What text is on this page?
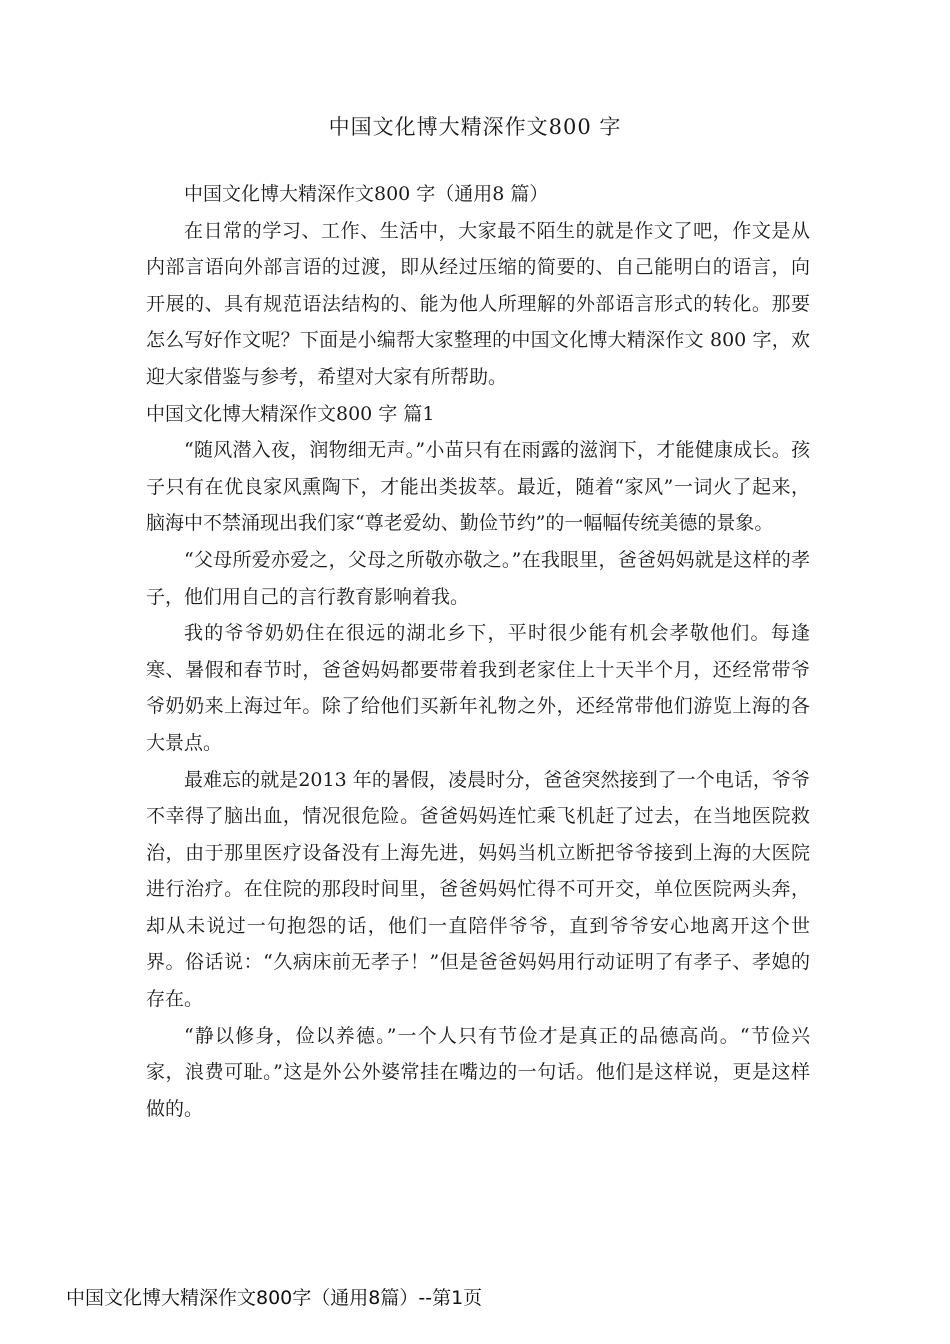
中国文化博大精深作文800 字

中国文化博大精深作文800 字（通用8 篇）

在日常的学习、工作、生活中，大家最不陌生的就是作文了吧，作文是从内部言语向外部言语的过渡，即从经过压缩的简要的、自己能明白的语言，向开展的、具有规范语法结构的、能为他人所理解的外部语言形式的转化。那要怎么写好作文呢？下面是小编帮大家整理的中国文化博大精深作文 800 字，欢迎大家借鉴与参考，希望对大家有所帮助。

中国文化博大精深作文800 字 篇1

“随风潜入夜，润物细无声。”小苗只有在雨露的滋润下，才能健康成长。孩子只有在优良家风熏陶下，才能出类拔萃。最近，随着“家风”一词火了起来，脑海中不禁涌现出我们家“尊老爱幼、勤俭节约”的一幅幅传统美德的景象。

“父母所爱亦爱之，父母之所敬亦敬之。”在我眼里，爸爸妈妈就是这样的孝子，他们用自己的言行教育影响着我。

我的爷爷奶奶住在很远的湖北乡下，平时很少能有机会孝敬他们。每逢寒、暑假和春节时，爸爸妈妈都要带着我到老家住上十天半个月，还经常带爷爷奶奶来上海过年。除了给他们买新年礼物之外，还经常带他们游览上海的各大景点。

最难忘的就是2013 年的暑假，凌晨时分，爸爸突然接到了一个电话，爷爷不幸得了脑出血，情况很危险。爸爸妈妈连忙乘飞机赶了过去，在当地医院救治，由于那里医疗设备没有上海先进，妈妈当机立断把爷爷接到上海的大医院进行治疗。在住院的那段时间里，爸爸妈妈忙得不可开交，单位医院两头奔，却从未说过一句抱怨的话，他们一直陪伴爷爷，直到爷爷安心地离开这个世界。俗话说：“久病床前无孝子！”但是爸爸妈妈用行动证明了有孝子、孝媳的存在。

“静以修身，俭以养德。”一个人只有节俭才是真正的品德高尚。“节俭兴家，浪费可耻。”这是外公外婆常挂在嘴边的一句话。他们是这样说，更是这样做的。

中国文化博大精深作文800字（通用8篇）--第1页
